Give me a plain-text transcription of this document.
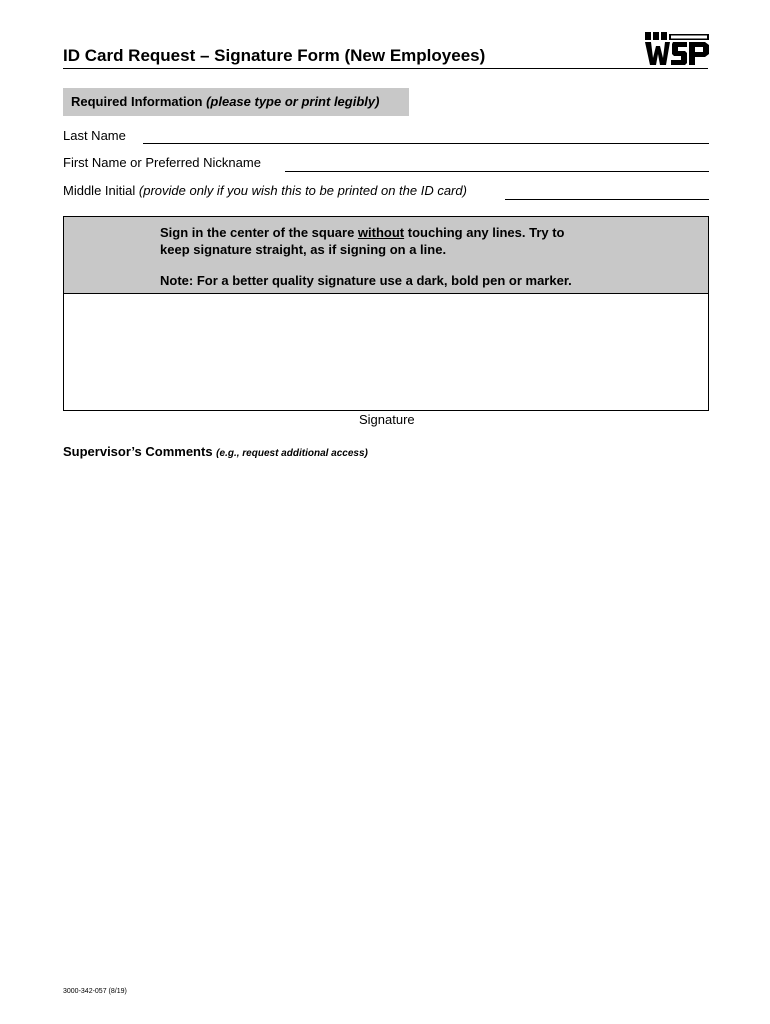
ID Card Request – Signature Form (New Employees)
Required Information (please type or print legibly)
Last Name
First Name or Preferred Nickname
Middle Initial (provide only if you wish this to be printed on the ID card)
Sign in the center of the square without touching any lines. Try to
keep signature straight, as if signing on a line.
Note: For a better quality signature use a dark, bold pen or marker.
Signature
Supervisor’s Comments (e.g., request additional access)
3000-342-057 (8/19)
